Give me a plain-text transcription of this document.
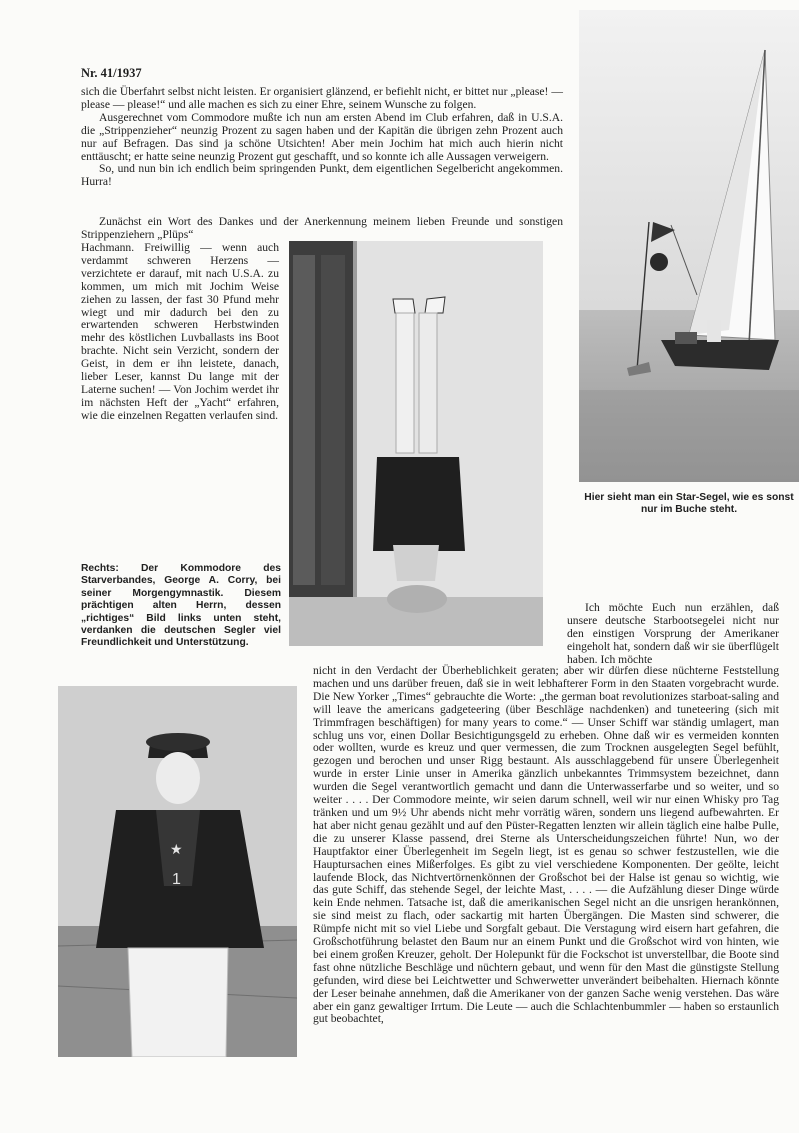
Nr. 41/1937

sich die Überfahrt selbst nicht leisten. Er organisiert glänzend, er befiehlt nicht, er bittet nur „please! — please — please!“ und alle machen es sich zu einer Ehre, seinem Wunsche zu folgen.

Ausgerechnet vom Commodore mußte ich nun am ersten Abend im Club erfahren, daß in U.S.A. die „Strippenzieher“ neunzig Prozent zu sagen haben und der Kapitän die übrigen zehn Prozent auch nur auf Befragen. Das sind ja schöne Utsichten! Aber mein Jochim hat mich auch hierin nicht enttäuscht; er hatte seine neunzig Prozent gut geschafft, und so konnte ich alle Aussagen verweigern.

So, und nun bin ich endlich beim springenden Punkt, dem eigentlichen Segelbericht angekommen. Hurra!

Zunächst ein Wort des Dankes und der Anerkennung meinem lieben Freunde und sonstigen Strippenziehern „Plüps“

Hachmann. Freiwillig — wenn auch verdammt schweren Herzens — verzichtete er darauf, mit nach U.S.A. zu kommen, um mich mit Jochim Weise ziehen zu lassen, der fast 30 Pfund mehr wiegt und mir dadurch bei den zu erwartenden schweren Herbstwinden mehr des köstlichen Luvballasts ins Boot brachte. Nicht sein Verzicht, sondern der Geist, in dem er ihn leistete, danach, lieber Leser, kannst Du lange mit der Laterne suchen! — Von Jochim werdet ihr im nächsten Heft der „Yacht“ erfahren, wie die einzelnen Regatten verlaufen sind.

Hier sieht man ein Star-Segel, wie es sonst nur im Buche steht.
Rechts: Der Kommodore des Starverbandes, George A. Corry, bei seiner Morgengymnastik. Diesem prächtigen alten Herrn, dessen „richtiges“ Bild links unten steht, verdanken die deutschen Segler viel Freundlichkeit und Unterstützung.

Ich möchte Euch nun erzählen, daß unsere deutsche Starbootsegelei nicht nur den einstigen Vorsprung der Amerikaner eingeholt hat, sondern daß wir sie überflügelt haben. Ich möchte

★
1

nicht in den Verdacht der Überheblichkeit geraten; aber wir dürfen diese nüchterne Feststellung machen und uns darüber freuen, daß sie in weit lebhafterer Form in den Staaten vorgebracht wurde. Die New Yorker „Times“ gebrauchte die Worte: „the german boat revolutionizes starboat-saling and will leave the americans gadgeteering (über Beschläge nachdenken) and tuneteering (sich mit Trimmfragen beschäftigen) for many years to come.“ — Unser Schiff war ständig umlagert, man schlug uns vor, einen Dollar Besichtigungsgeld zu erheben. Ohne daß wir es vermeiden konnten oder wollten, wurde es kreuz und quer vermessen, die zum Trocknen ausgelegten Segel befühlt, gezogen und berochen und unser Rigg bestaunt. Als ausschlaggebend für unsere Überlegenheit wurde in erster Linie unser in Amerika gänzlich unbekanntes Trimmsystem bezeichnet, dann wurden die Segel verantwortlich gemacht und dann die Unterwasserfarbe und so weiter, und so weiter . . . . Der Commodore meinte, wir seien darum schnell, weil wir nur einen Whisky pro Tag tränken und um 9½ Uhr abends nicht mehr vorrätig wären, sondern uns liegend aufbewahrten. Er hat aber nicht genau gezählt und auf den Püster-Regatten lenzten wir allein täglich eine halbe Pulle, die zu unserer Klasse passend, drei Sterne als Unterscheidungszeichen führte! Nun, wo der Hauptfaktor einer Überlegenheit im Segeln liegt, ist es genau so schwer festzustellen, wie die Hauptursachen eines Mißerfolges. Es gibt zu viel verschiedene Komponenten. Der geölte, leicht laufende Block, das Nichtvertörnenkönnen der Großschot bei der Halse ist genau so wichtig, wie das gute Schiff, das stehende Segel, der leichte Mast, . . . . — die Aufzählung dieser Dinge würde kein Ende nehmen. Tatsache ist, daß die amerikanischen Segel nicht an die unsrigen herankönnen, sie sind meist zu flach, oder sackartig mit harten Übergängen. Die Masten sind schwerer, die Rümpfe nicht mit so viel Liebe und Sorgfalt gebaut. Die Verstagung wird eisern hart gefahren, die Großschotführung belastet den Baum nur an einem Punkt und die Großschot wird von hinten, wie bei einem großen Kreuzer, geholt. Der Holepunkt für die Fockschot ist unverstellbar, die Boote sind fast ohne nützliche Beschläge und nüchtern gebaut, und wenn für den Mast die günstigste Stellung gefunden, wird diese bei Leichtwetter und Schwerwetter unverändert beibehalten. Hiernach könnte der Leser beinahe annehmen, daß die Amerikaner von der ganzen Sache wenig verstehen. Das wäre aber ein ganz gewaltiger Irrtum. Die Leute — auch die Schlachtenbummler — haben so erstaunlich gut beobachtet,
